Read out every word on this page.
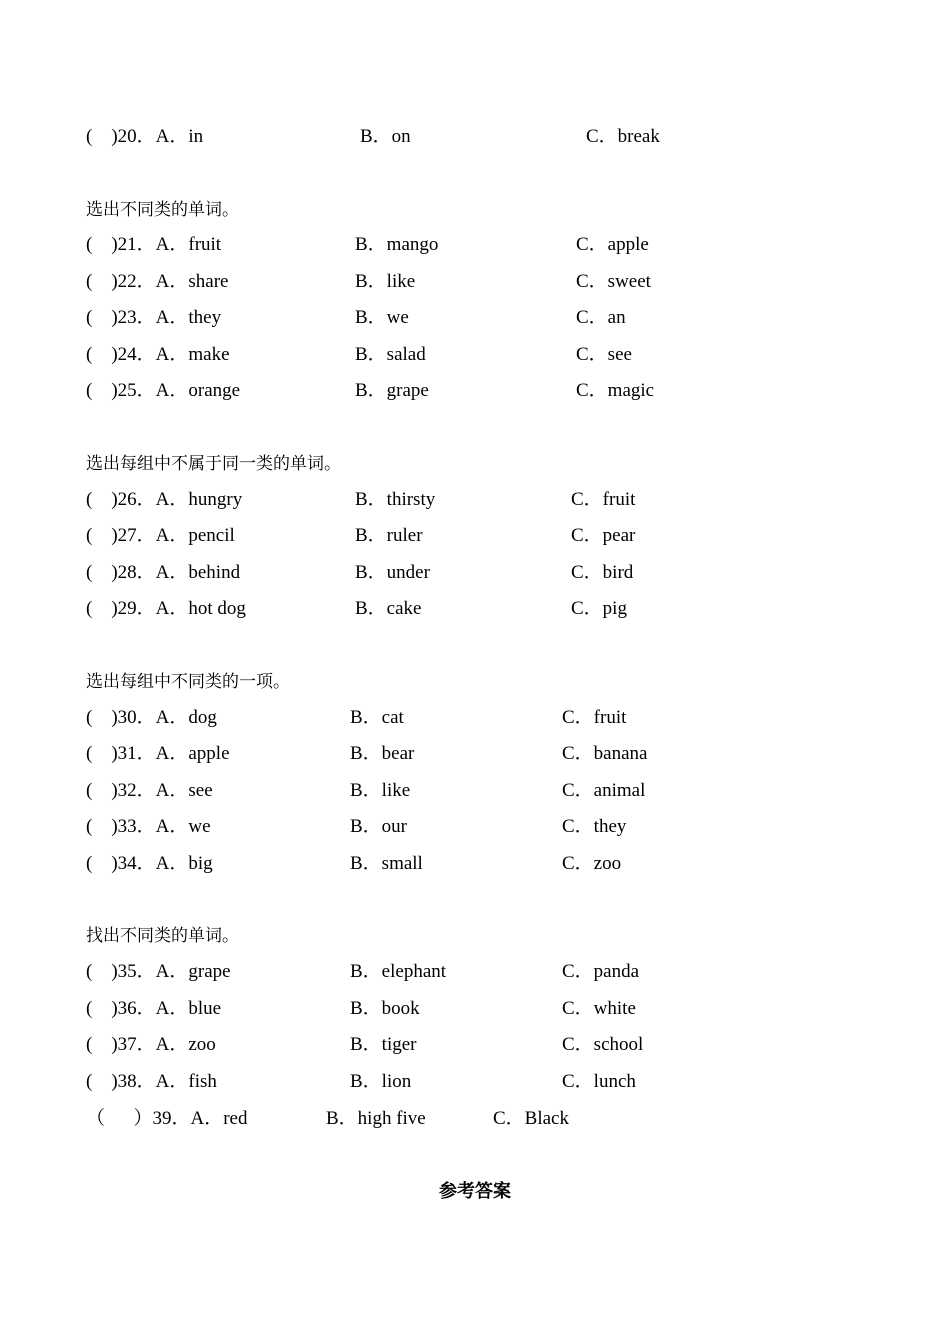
(    )20．A．in	B．on	C．break
选出不同类的单词。
(    )21．A．fruit	B．mango	C．apple
(    )22．A．share	B．like	C．sweet
(    )23．A．they	B．we	C．an
(    )24．A．make	B．salad	C．see
(    )25．A．orange	B．grape	C．magic
选出每组中不属于同一类的单词。
(    )26．A．hungry	B．thirsty	C．fruit
(    )27．A．pencil	B．ruler	C．pear
(    )28．A．behind	B．under	C．bird
(    )29．A．hot dog	B．cake	C．pig
选出每组中不同类的一项。
(    )30．A．dog	B．cat	C．fruit
(    )31．A．apple	B．bear	C．banana
(    )32．A．see	B．like	C．animal
(    )33．A．we	B．our	C．they
(    )34．A．big	B．small	C．zoo
找出不同类的单词。
(    )35．A．grape	B．elephant	C．panda
(    )36．A．blue	B．book	C．white
(    )37．A．zoo	B．tiger	C．school
(    )38．A．fish	B．lion	C．lunch
（      ）39．A．red	B．high five	C．Black
参考答案
